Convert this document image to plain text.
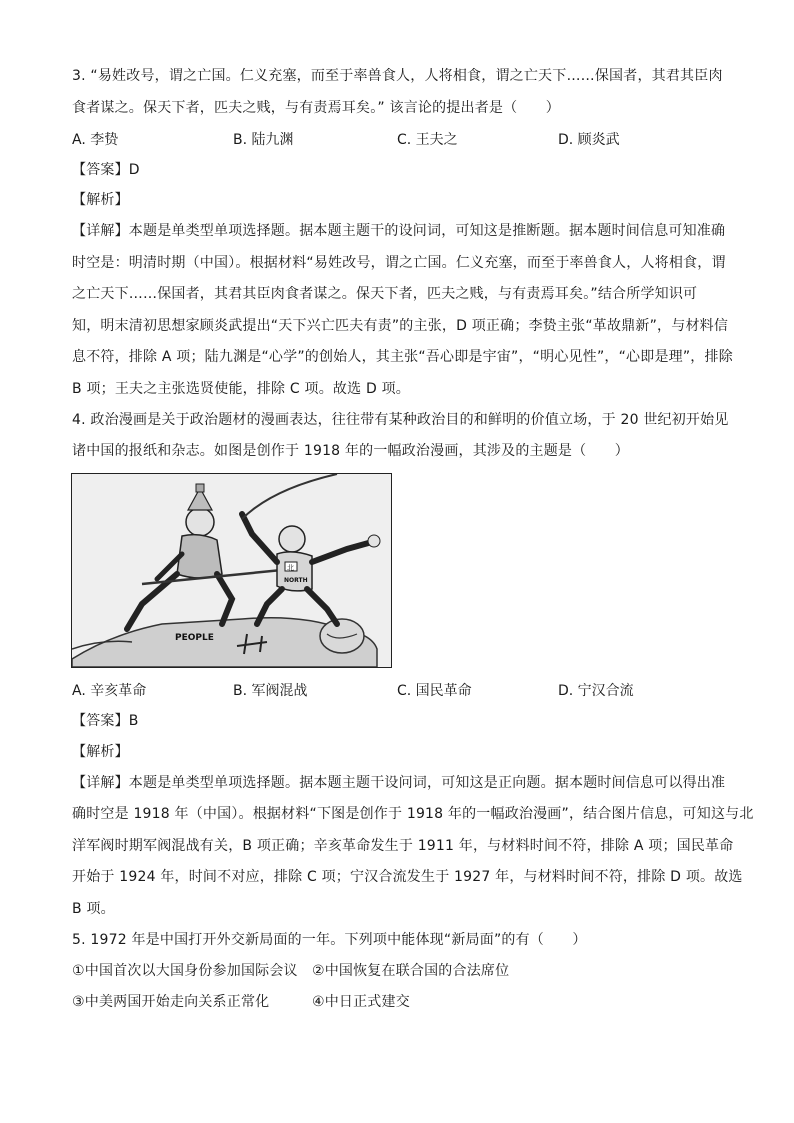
3. “易姓改号，谓之亡国。仁义充塞，而至于率兽食人，人将相食，谓之亡天下……保国者，其君其臣肉
食者谋之。保天下者，匹夫之贱，与有责焉耳矣。” 该言论的提出者是（　　）
A. 李贽	B. 陆九渊	C. 王夫之	D. 顾炎武
【答案】D
【解析】
【详解】本题是单类型单项选择题。据本题主题干的设问词，可知这是推断题。据本题时间信息可知准确
时空是：明清时期（中国）。根据材料“易姓改号，谓之亡国。仁义充塞，而至于率兽食人，人将相食，谓
之亡天下……保国者，其君其臣肉食者谋之。保天下者，匹夫之贱，与有责焉耳矣。”结合所学知识可
知，明末清初思想家顾炎武提出“天下兴亡匹夫有责”的主张，D 项正确；李贽主张“革故鼎新”，与材料信
息不符，排除 A 项；陆九渊是“心学”的创始人，其主张“吾心即是宇宙”，“明心见性”，“心即是理”，排除
B 项；王夫之主张选贤使能，排除 C 项。故选 D 项。
4. 政治漫画是关于政治题材的漫画表达，往往带有某种政治目的和鲜明的价值立场，于 20 世纪初开始见
诸中国的报纸和杂志。如图是创作于 1918 年的一幅政治漫画，其涉及的主题是（　　）
PEOPLE
北
NORTH
A. 辛亥革命	B. 军阀混战	C. 国民革命	D. 宁汉合流
【答案】B
【解析】
【详解】本题是单类型单项选择题。据本题主题干设问词，可知这是正向题。据本题时间信息可以得出准
确时空是 1918 年（中国）。根据材料“下图是创作于 1918 年的一幅政治漫画”，结合图片信息，可知这与北
洋军阀时期军阀混战有关，B 项正确；辛亥革命发生于 1911 年，与材料时间不符，排除 A 项；国民革命
开始于 1924 年，时间不对应，排除 C 项；宁汉合流发生于 1927 年，与材料时间不符，排除 D 项。故选
B 项。
5. 1972 年是中国打开外交新局面的一年。下列项中能体现“新局面”的有（　　）
①中国首次以大国身份参加国际会议　②中国恢复在联合国的合法席位
③中美两国开始走向关系正常化　　　④中日正式建交
